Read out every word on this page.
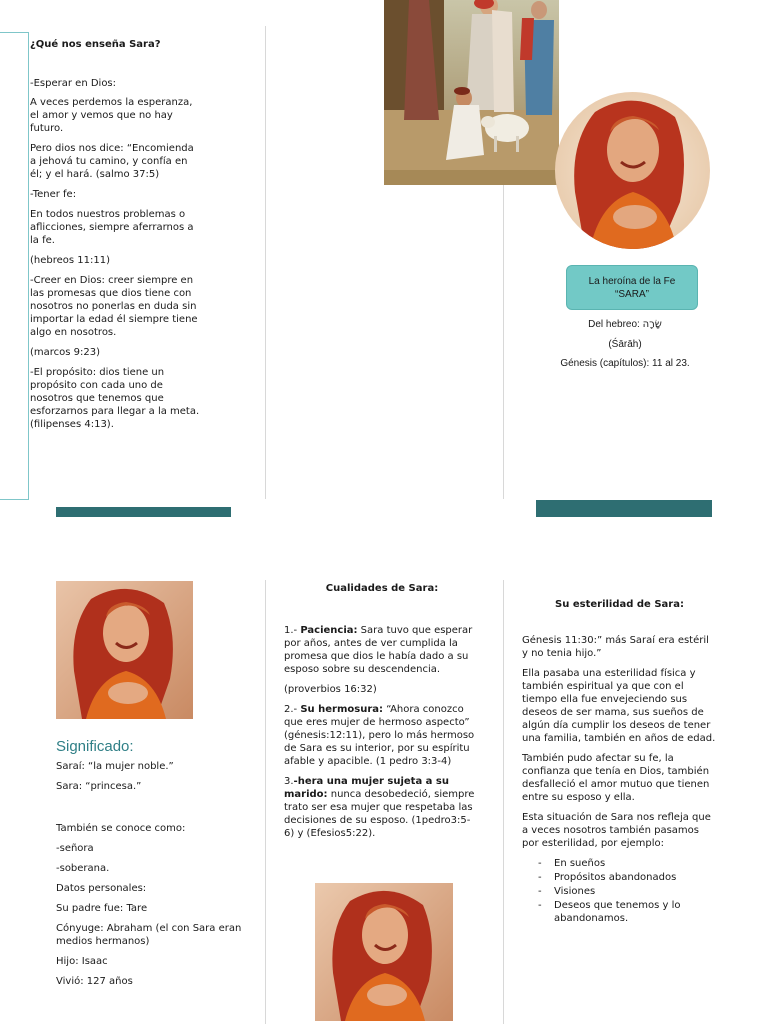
¿Qué nos enseña Sara?

-Esperar en Dios:

A veces perdemos la esperanza, el amor y vemos que no hay futuro.

Pero dios nos dice: “Encomienda a jehová tu camino, y confía en él; y el hará. (salmo 37:5)

-Tener fe:

En todos nuestros problemas o aflicciones, siempre aferrarnos a la fe.

(hebreos 11:11)

-Creer en Dios: creer siempre en las promesas que dios tiene con nosotros no ponerlas en duda sin importar la edad él siempre tiene algo en nosotros.

(marcos 9:23)

-El propósito: dios tiene un propósito con cada uno de nosotros que tenemos que esforzarnos para llegar a la meta. (filipenses 4:13).

La heroína de la Fe
“SARA”
Del hebreo: שָׂרָה
(Śārāh)
Génesis (capítulos): 11 al 23.
Significado:

Saraí: “la mujer noble.”

Sara: “princesa.”

También se conoce como:

-señora

-soberana.

Datos personales:

Su padre fue: Tare

Cónyuge: Abraham (el con Sara eran medios hermanos)

Hijo: Isaac

Vivió: 127 años

Cualidades de Sara:

1.- Paciencia: Sara tuvo que esperar por años, antes de ver cumplida la promesa que dios le había dado a su esposo sobre su descendencia.

(proverbios 16:32)

2.- Su hermosura: “Ahora conozco que eres mujer de hermoso aspecto” (génesis:12:11), pero lo más hermoso de Sara es su interior, por su espíritu afable y apacible. (1 pedro 3:3-4)

3.-hera una mujer sujeta a su marido: nunca desobedeció, siempre trato ser esa mujer que respetaba las decisiones de su esposo. (1pedro3:5-6) y (Efesios5:22).

Su esterilidad de Sara:

Génesis 11:30:” más Saraí era estéril y no tenia hijo.”

Ella pasaba una esterilidad física y también espiritual ya que con el tiempo ella fue envejeciendo sus deseos de ser mama, sus sueños de algún día cumplir los deseos de tener una familia, también en años de edad.

También pudo afectar su fe, la confianza que tenía en Dios, también desfalleció el amor mutuo que tienen entre su esposo y ella.

Esta situación de Sara nos refleja que a veces nosotros también pasamos por esterilidad, por ejemplo:

- En sueños
- Propósitos abandonados
- Visiones
- Deseos que tenemos y lo abandonamos.
